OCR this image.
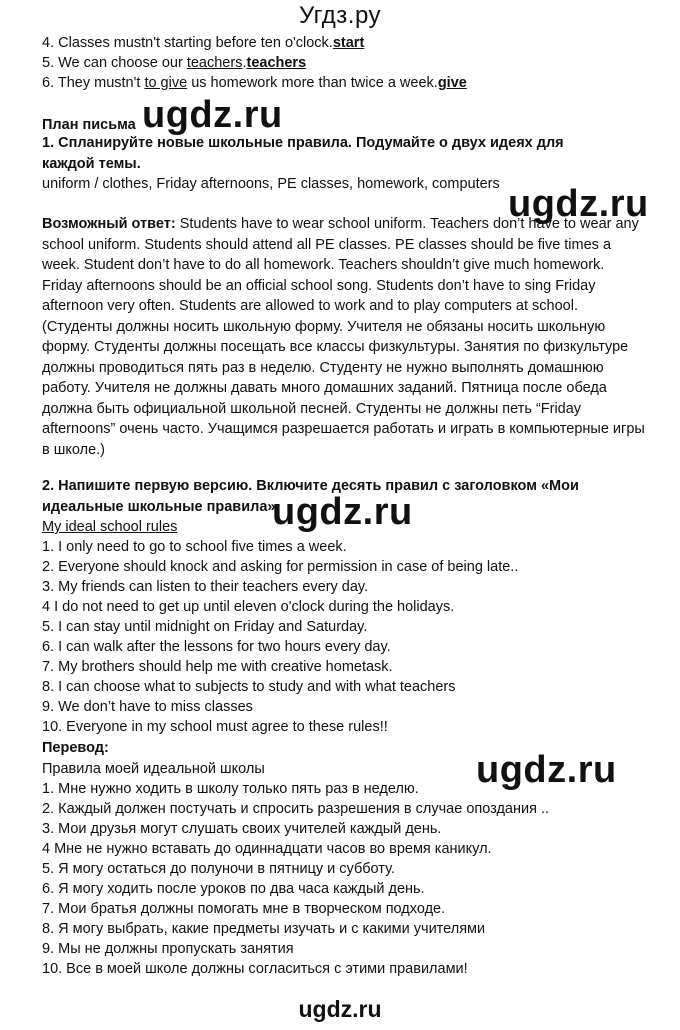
Угдз.ру
4. Classes mustn't starting before ten o'clock.start
5. We can choose our teachers.teachers
6. They mustn't to give us homework more than twice a week.give
План письма
1. Спланируйте новые школьные правила. Подумайте о двух идеях для каждой темы.
uniform / clothes, Friday afternoons, PE classes, homework, computers
Возможный ответ: Students have to wear school uniform. Teachers don’t have to wear any school uniform. Students should attend all PE classes. PE classes should be five times a week. Student don’t have to do all homework. Teachers shouldn’t give much homework. Friday afternoons should be an official school song. Students don’t have to sing Friday afternoon very often. Students are allowed to work and to play computers at school. (Студенты должны носить школьную форму. Учителя не обязаны носить школьную форму. Студенты должны посещать все классы физкультуры. Занятия по физкультуре должны проводиться пять раз в неделю. Студенту не нужно выполнять домашнюю работу. Учителя не должны давать много домашних заданий. Пятница после обеда должна быть официальной школьной песней. Студенты не должны петь “Friday afternoons” очень часто. Учащимся разрешается работать и играть в компьютерные игры в школе.)
2. Напишите первую версию. Включите десять правил с заголовком «Мои идеальные школьные правила».
My ideal school rules
1. I only need to go to school five times a week.
2. Everyone should knock and asking for permission in case of being late..
3. My friends can listen to their teachers every day.
4 I do not need to get up until eleven o'clock during the holidays.
5. I can stay until midnight on Friday and Saturday.
6. I can walk after the lessons for two hours every day.
7. My brothers should help me with creative hometask.
8. I can choose what to subjects to study and with what teachers
9. We don’t have to miss classes
10. Everyone in my school must agree to these rules!!
Перевод:
Правила моей идеальной школы
1. Мне нужно ходить в школу только пять раз в неделю.
2. Каждый должен постучать и спросить разрешения в случае опоздания ..
3. Мои друзья могут слушать своих учителей каждый день.
4 Мне не нужно вставать до одиннадцати часов во время каникул.
5. Я могу остаться до полуночи в пятницу и субботу.
6. Я могу ходить после уроков по два часа каждый день.
7. Мои братья должны помогать мне в творческом подходе.
8. Я могу выбрать, какие предметы изучать и с какими учителями
9. Мы не должны пропускать занятия
10. Все в моей школе должны согласиться с этими правилами!
ugdz.ru
ugdz.ru
ugdz.ru
ugdz.ru
ugdz.ru
